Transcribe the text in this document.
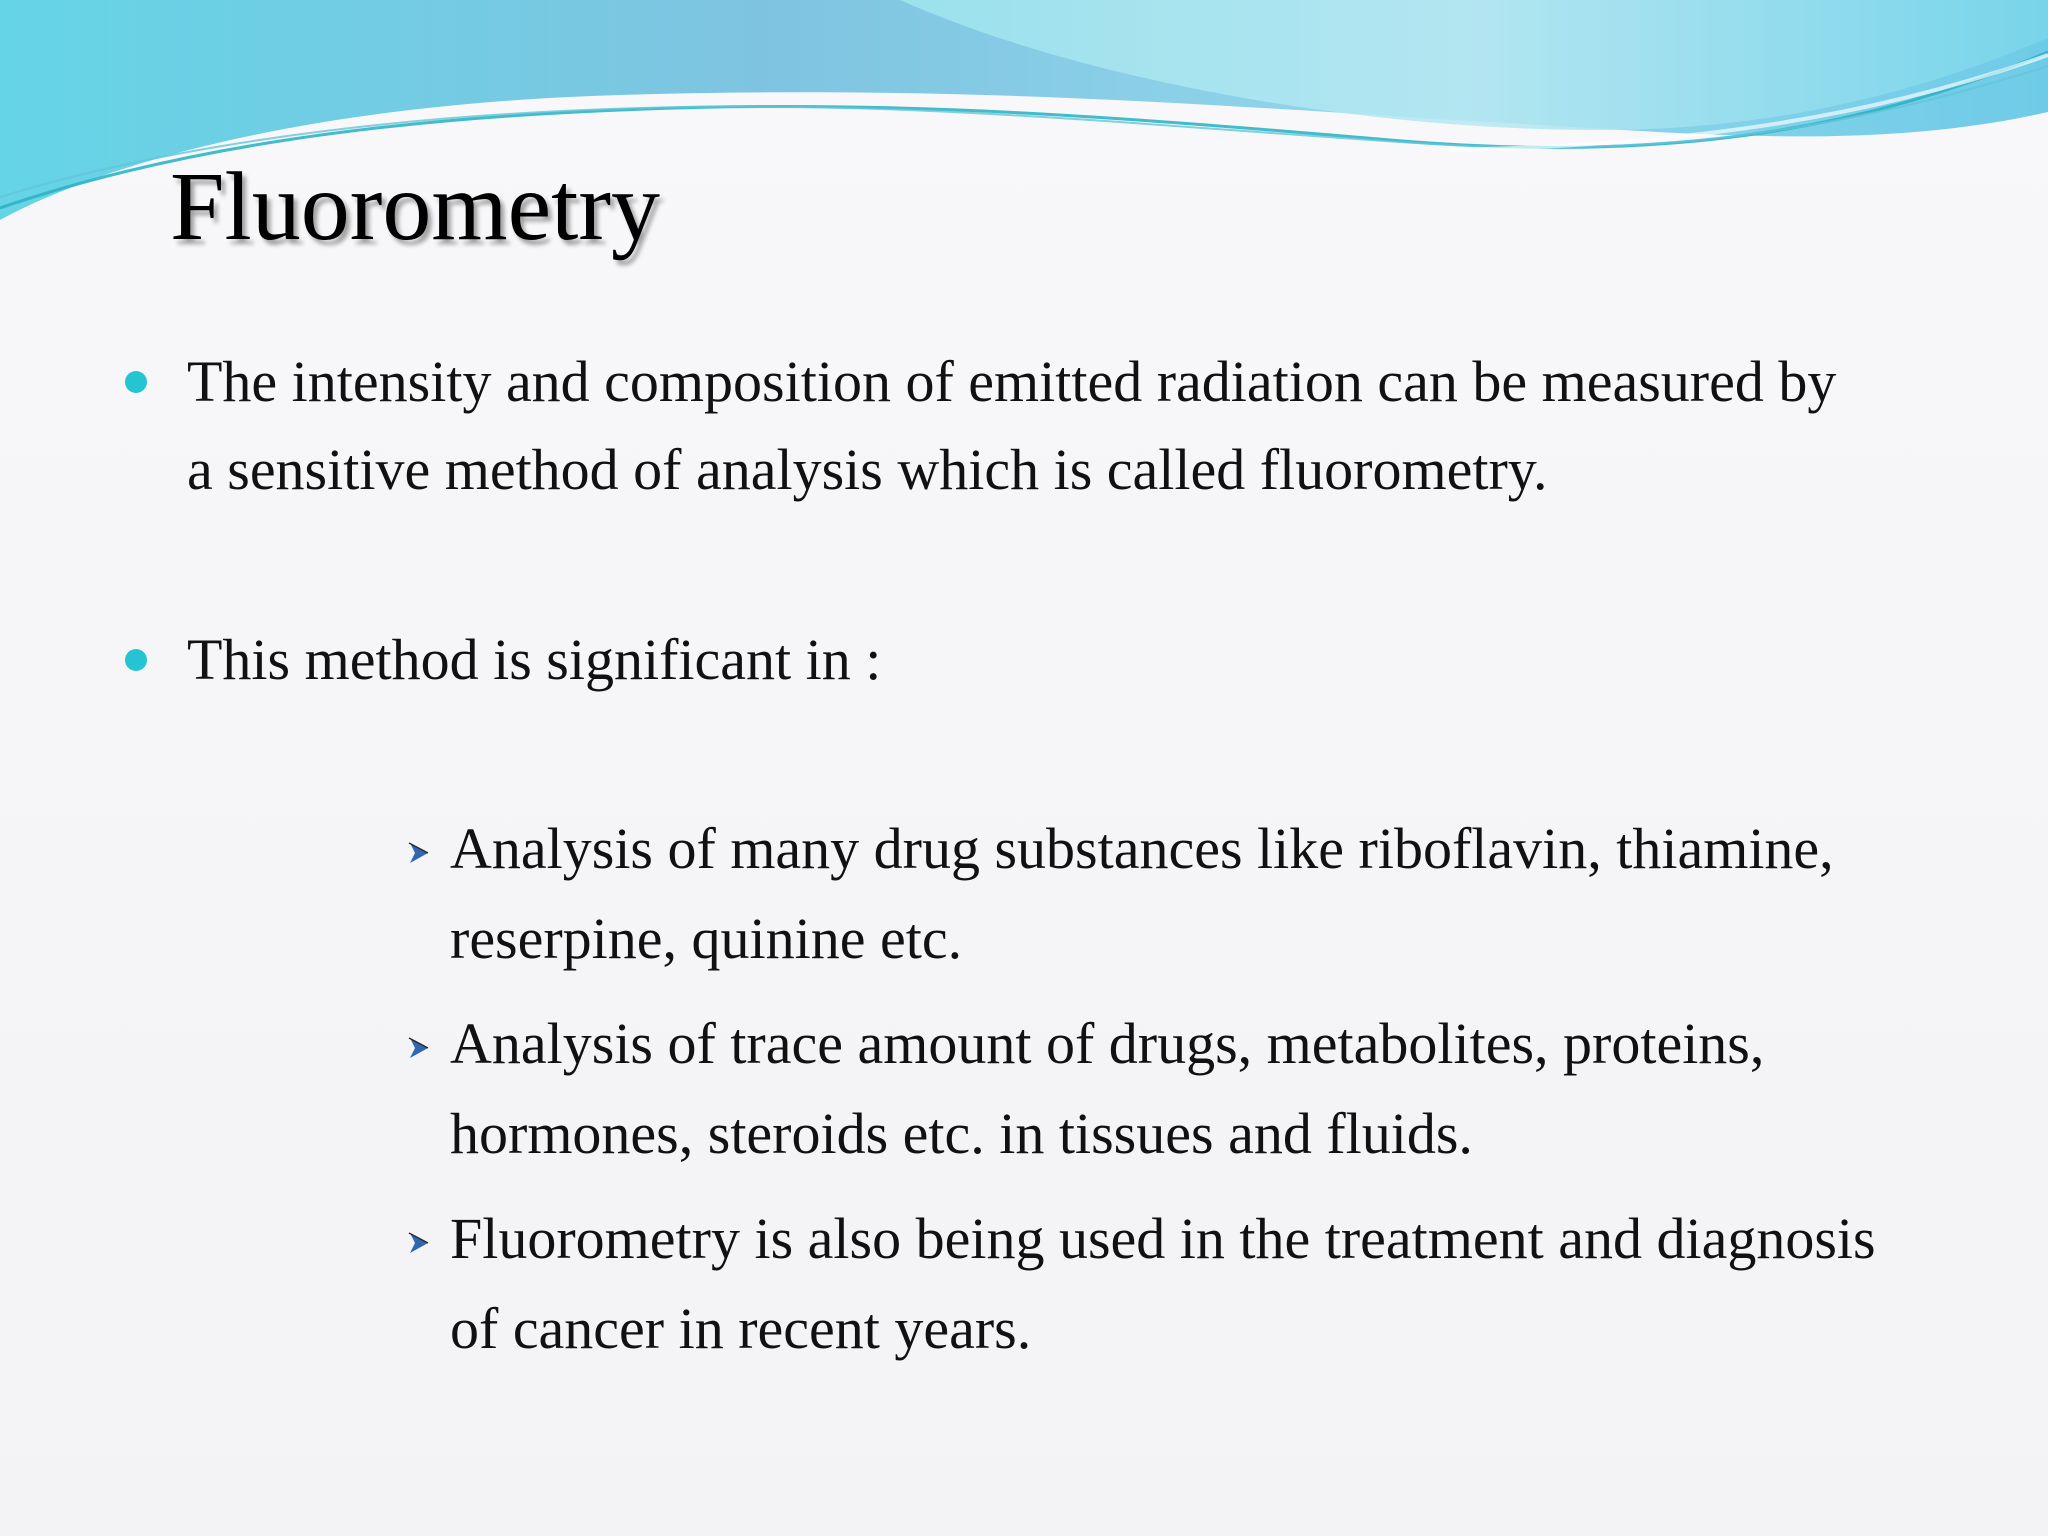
Fluorometry
The intensity and composition of emitted radiation can be measured by
a sensitive method of analysis which is called fluorometry.
This method is significant in :
Analysis of many drug substances like riboflavin, thiamine,
reserpine, quinine etc.
Analysis of trace amount of drugs, metabolites, proteins,
hormones, steroids etc. in tissues and fluids.
Fluorometry is also being used in the treatment and diagnosis
of cancer in recent years.
